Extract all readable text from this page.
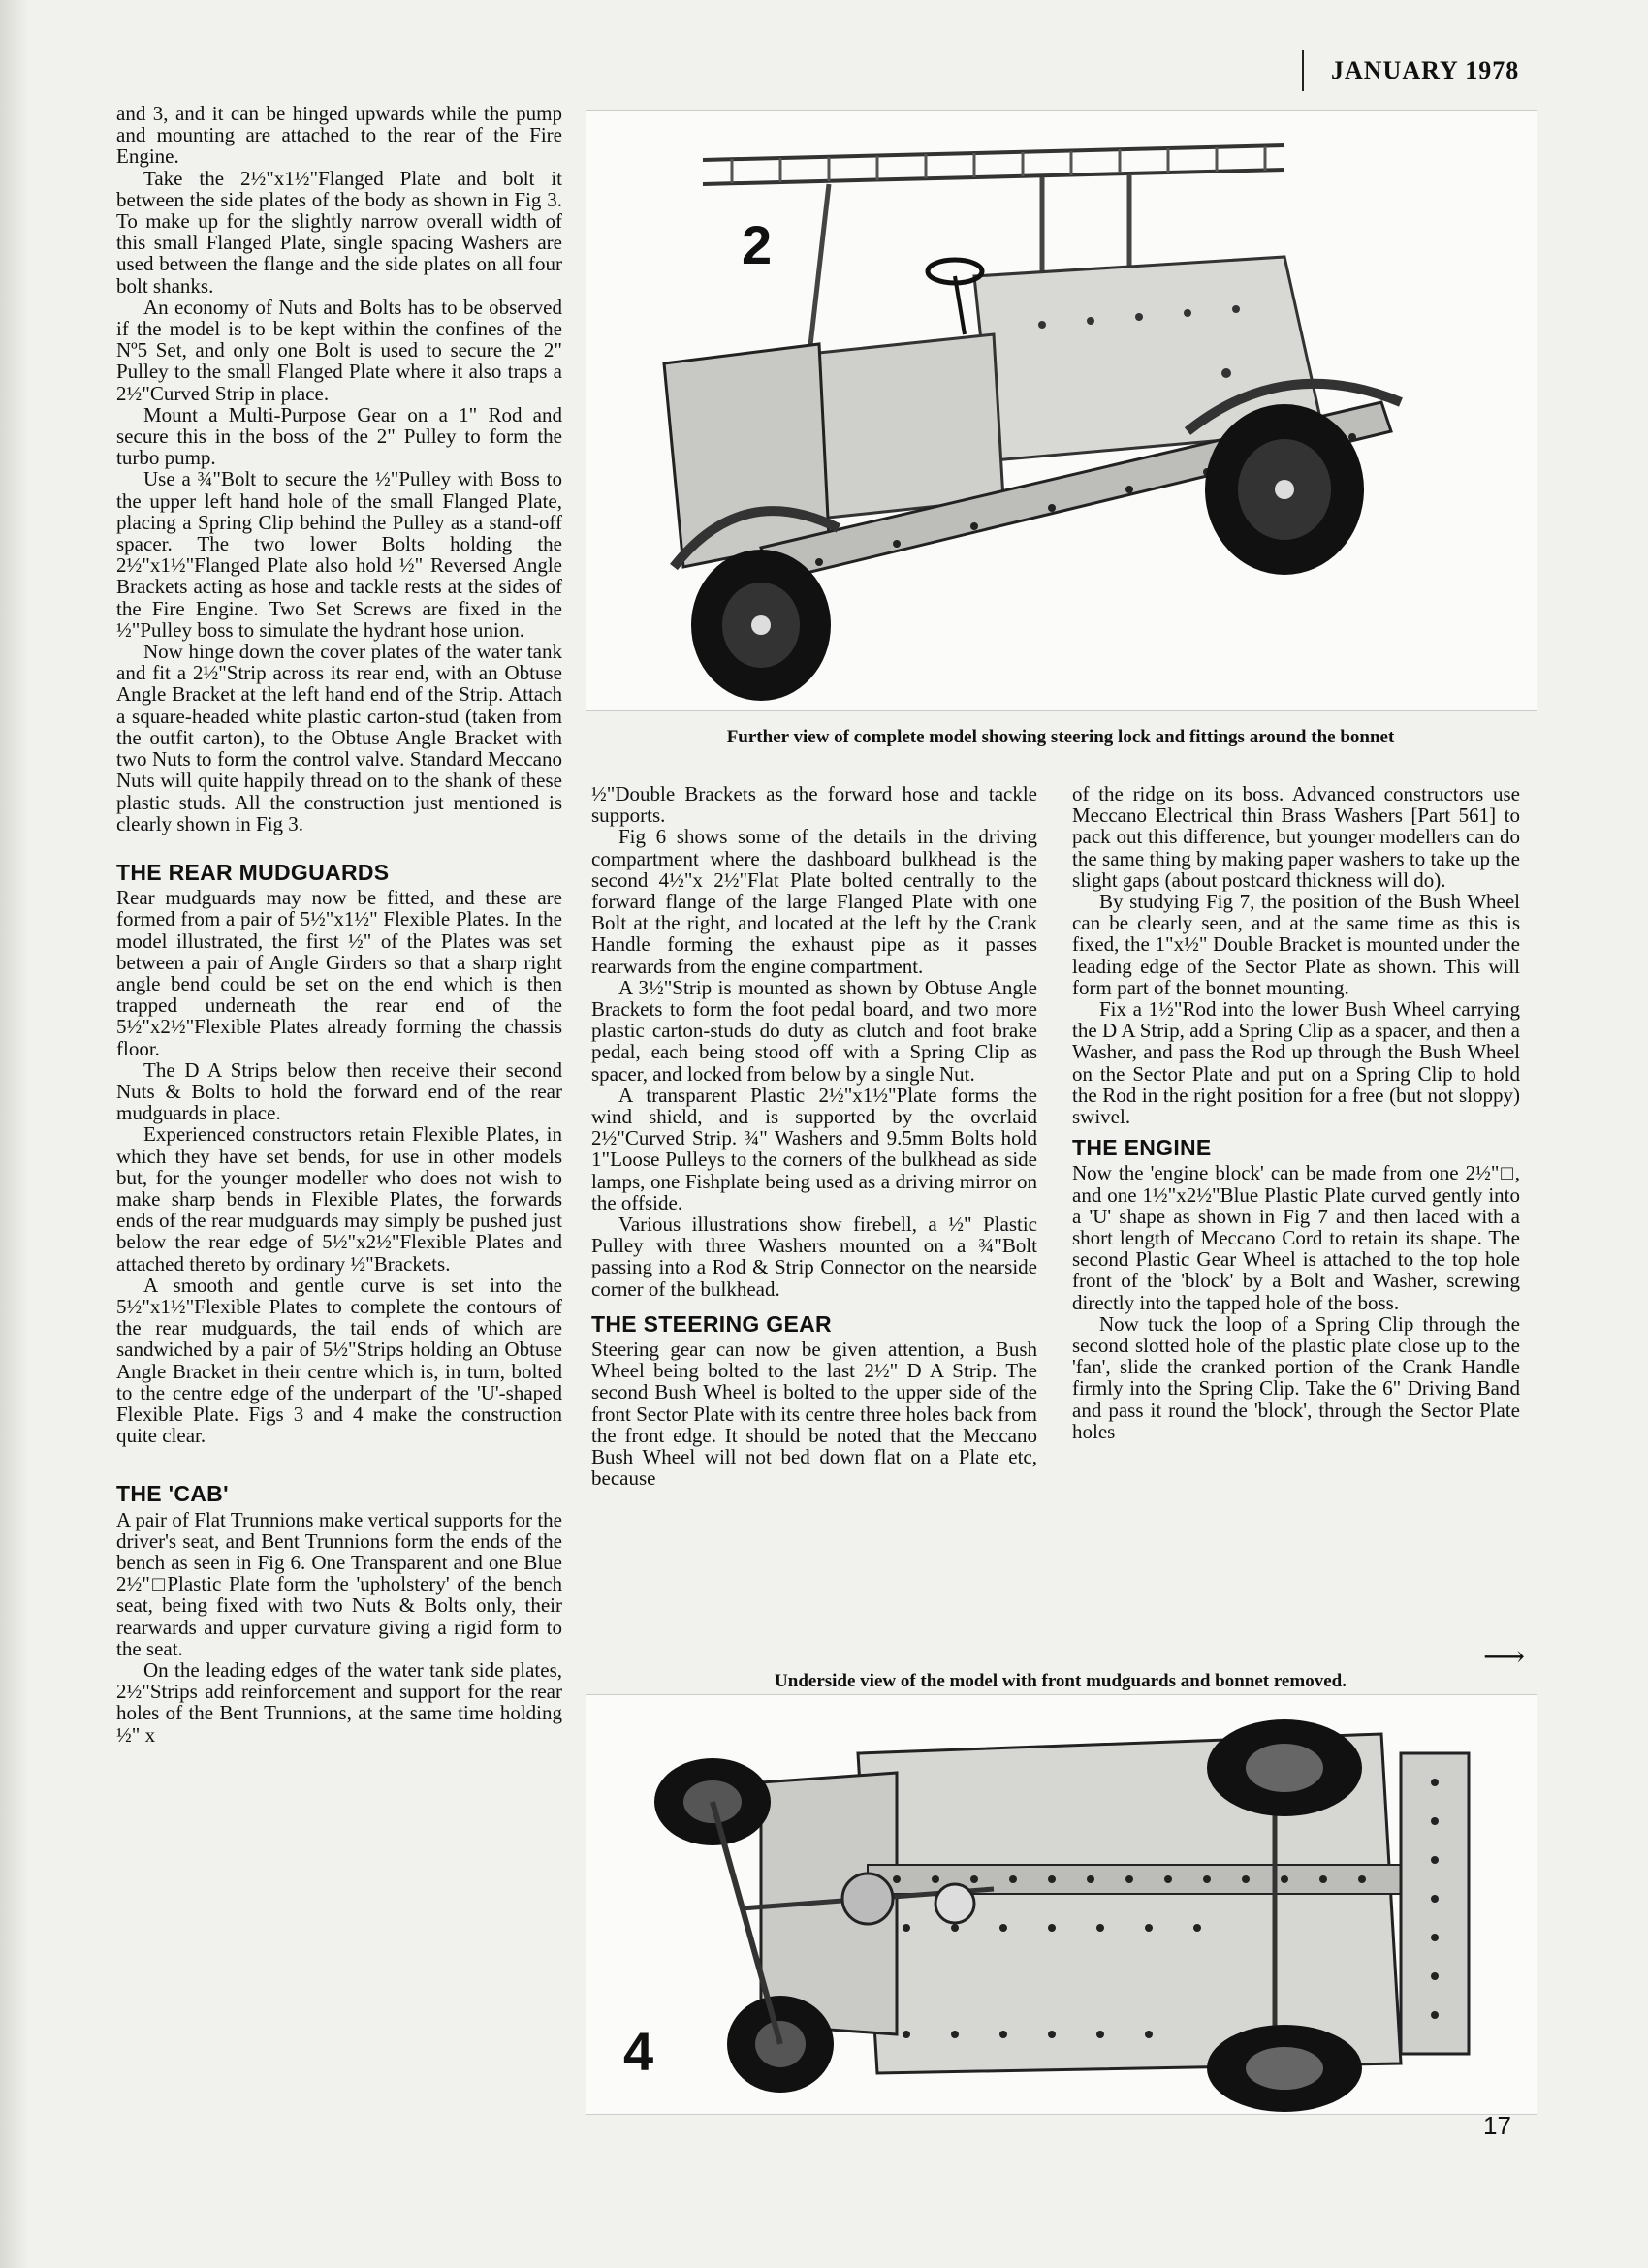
JANUARY 1978

and 3, and it can be hinged upwards while the pump and mounting are attached to the rear of the Fire Engine.

Take the 2½"x1½"Flanged Plate and bolt it between the side plates of the body as shown in Fig 3. To make up for the slightly narrow overall width of this small Flanged Plate, single spacing Washers are used between the flange and the side plates on all four bolt shanks.

An economy of Nuts and Bolts has to be observed if the model is to be kept within the confines of the Nº5 Set, and only one Bolt is used to secure the 2" Pulley to the small Flanged Plate where it also traps a 2½"Curved Strip in place.

Mount a Multi-Purpose Gear on a 1" Rod and secure this in the boss of the 2" Pulley to form the turbo pump.

Use a ¾"Bolt to secure the ½"Pulley with Boss to the upper left hand hole of the small Flanged Plate, placing a Spring Clip behind the Pulley as a stand-off spacer. The two lower Bolts holding the 2½"x1½"Flanged Plate also hold ½" Reversed Angle Brackets acting as hose and tackle rests at the sides of the Fire Engine. Two Set Screws are fixed in the ½"Pulley boss to simulate the hydrant hose union.

Now hinge down the cover plates of the water tank and fit a 2½"Strip across its rear end, with an Obtuse Angle Bracket at the left hand end of the Strip. Attach a square-headed white plastic carton-stud (taken from the outfit carton), to the Obtuse Angle Bracket with two Nuts to form the control valve. Standard Meccano Nuts will quite happily thread on to the shank of these plastic studs. All the construction just mentioned is clearly shown in Fig 3.

THE REAR MUDGUARDS

Rear mudguards may now be fitted, and these are formed from a pair of 5½"x1½" Flexible Plates. In the model illustrated, the first ½" of the Plates was set between a pair of Angle Girders so that a sharp right angle bend could be set on the end which is then trapped underneath the rear end of the 5½"x2½"Flexible Plates already forming the chassis floor.

The D A Strips below then receive their second Nuts & Bolts to hold the forward end of the rear mudguards in place.

Experienced constructors retain Flexible Plates, in which they have set bends, for use in other models but, for the younger modeller who does not wish to make sharp bends in Flexible Plates, the forwards ends of the rear mudguards may simply be pushed just below the rear edge of 5½"x2½"Flexible Plates and attached thereto by ordinary ½"Brackets.

A smooth and gentle curve is set into the 5½"x1½"Flexible Plates to complete the contours of the rear mudguards, the tail ends of which are sandwiched by a pair of 5½"Strips holding an Obtuse Angle Bracket in their centre which is, in turn, bolted to the centre edge of the underpart of the 'U'-shaped Flexible Plate. Figs 3 and 4 make the construction quite clear.

THE 'CAB'

A pair of Flat Trunnions make vertical supports for the driver's seat, and Bent Trunnions form the ends of the bench as seen in Fig 6. One Transparent and one Blue 2½"□Plastic Plate form the 'upholstery' of the bench seat, being fixed with two Nuts & Bolts only, their rearwards and upper curvature giving a rigid form to the seat.

On the leading edges of the water tank side plates, 2½"Strips add reinforcement and support for the rear holes of the Bent Trunnions, at the same time holding ½" x

2
Further view of complete model showing steering lock and fittings around the bonnet

½"Double Brackets as the forward hose and tackle supports.

Fig 6 shows some of the details in the driving compartment where the dashboard bulkhead is the second 4½"x 2½"Flat Plate bolted centrally to the forward flange of the large Flanged Plate with one Bolt at the right, and located at the left by the Crank Handle forming the exhaust pipe as it passes rearwards from the engine compartment.

A 3½"Strip is mounted as shown by Obtuse Angle Brackets to form the foot pedal board, and two more plastic carton-studs do duty as clutch and foot brake pedal, each being stood off with a Spring Clip as spacer, and locked from below by a single Nut.

A transparent Plastic 2½"x1½"Plate forms the wind shield, and is supported by the overlaid 2½"Curved Strip. ¾" Washers and 9.5mm Bolts hold 1"Loose Pulleys to the corners of the bulkhead as side lamps, one Fishplate being used as a driving mirror on the offside.

Various illustrations show firebell, a ½" Plastic Pulley with three Washers mounted on a ¾"Bolt passing into a Rod & Strip Connector on the nearside corner of the bulkhead.

THE STEERING GEAR

Steering gear can now be given attention, a Bush Wheel being bolted to the last 2½" D A Strip. The second Bush Wheel is bolted to the upper side of the front Sector Plate with its centre three holes back from the front edge. It should be noted that the Meccano Bush Wheel will not bed down flat on a Plate etc, because

of the ridge on its boss. Advanced constructors use Meccano Electrical thin Brass Washers [Part 561] to pack out this difference, but younger modellers can do the same thing by making paper washers to take up the slight gaps (about postcard thickness will do).

By studying Fig 7, the position of the Bush Wheel can be clearly seen, and at the same time as this is fixed, the 1"x½" Double Bracket is mounted under the leading edge of the Sector Plate as shown. This will form part of the bonnet mounting.

Fix a 1½"Rod into the lower Bush Wheel carrying the D A Strip, add a Spring Clip as a spacer, and then a Washer, and pass the Rod up through the Bush Wheel on the Sector Plate and put on a Spring Clip to hold the Rod in the right position for a free (but not sloppy) swivel.

THE ENGINE

Now the 'engine block' can be made from one 2½"□, and one 1½"x2½"Blue Plastic Plate curved gently into a 'U' shape as shown in Fig 7 and then laced with a short length of Meccano Cord to retain its shape. The second Plastic Gear Wheel is attached to the top hole front of the 'block' by a Bolt and Washer, screwing directly into the tapped hole of the boss.

Now tuck the loop of a Spring Clip through the second slotted hole of the plastic plate close up to the 'fan', slide the cranked portion of the Crank Handle firmly into the Spring Clip. Take the 6" Driving Band and pass it round the 'block', through the Sector Plate holes

⟶
Underside view of the model with front mudguards and bonnet removed.
4
17
